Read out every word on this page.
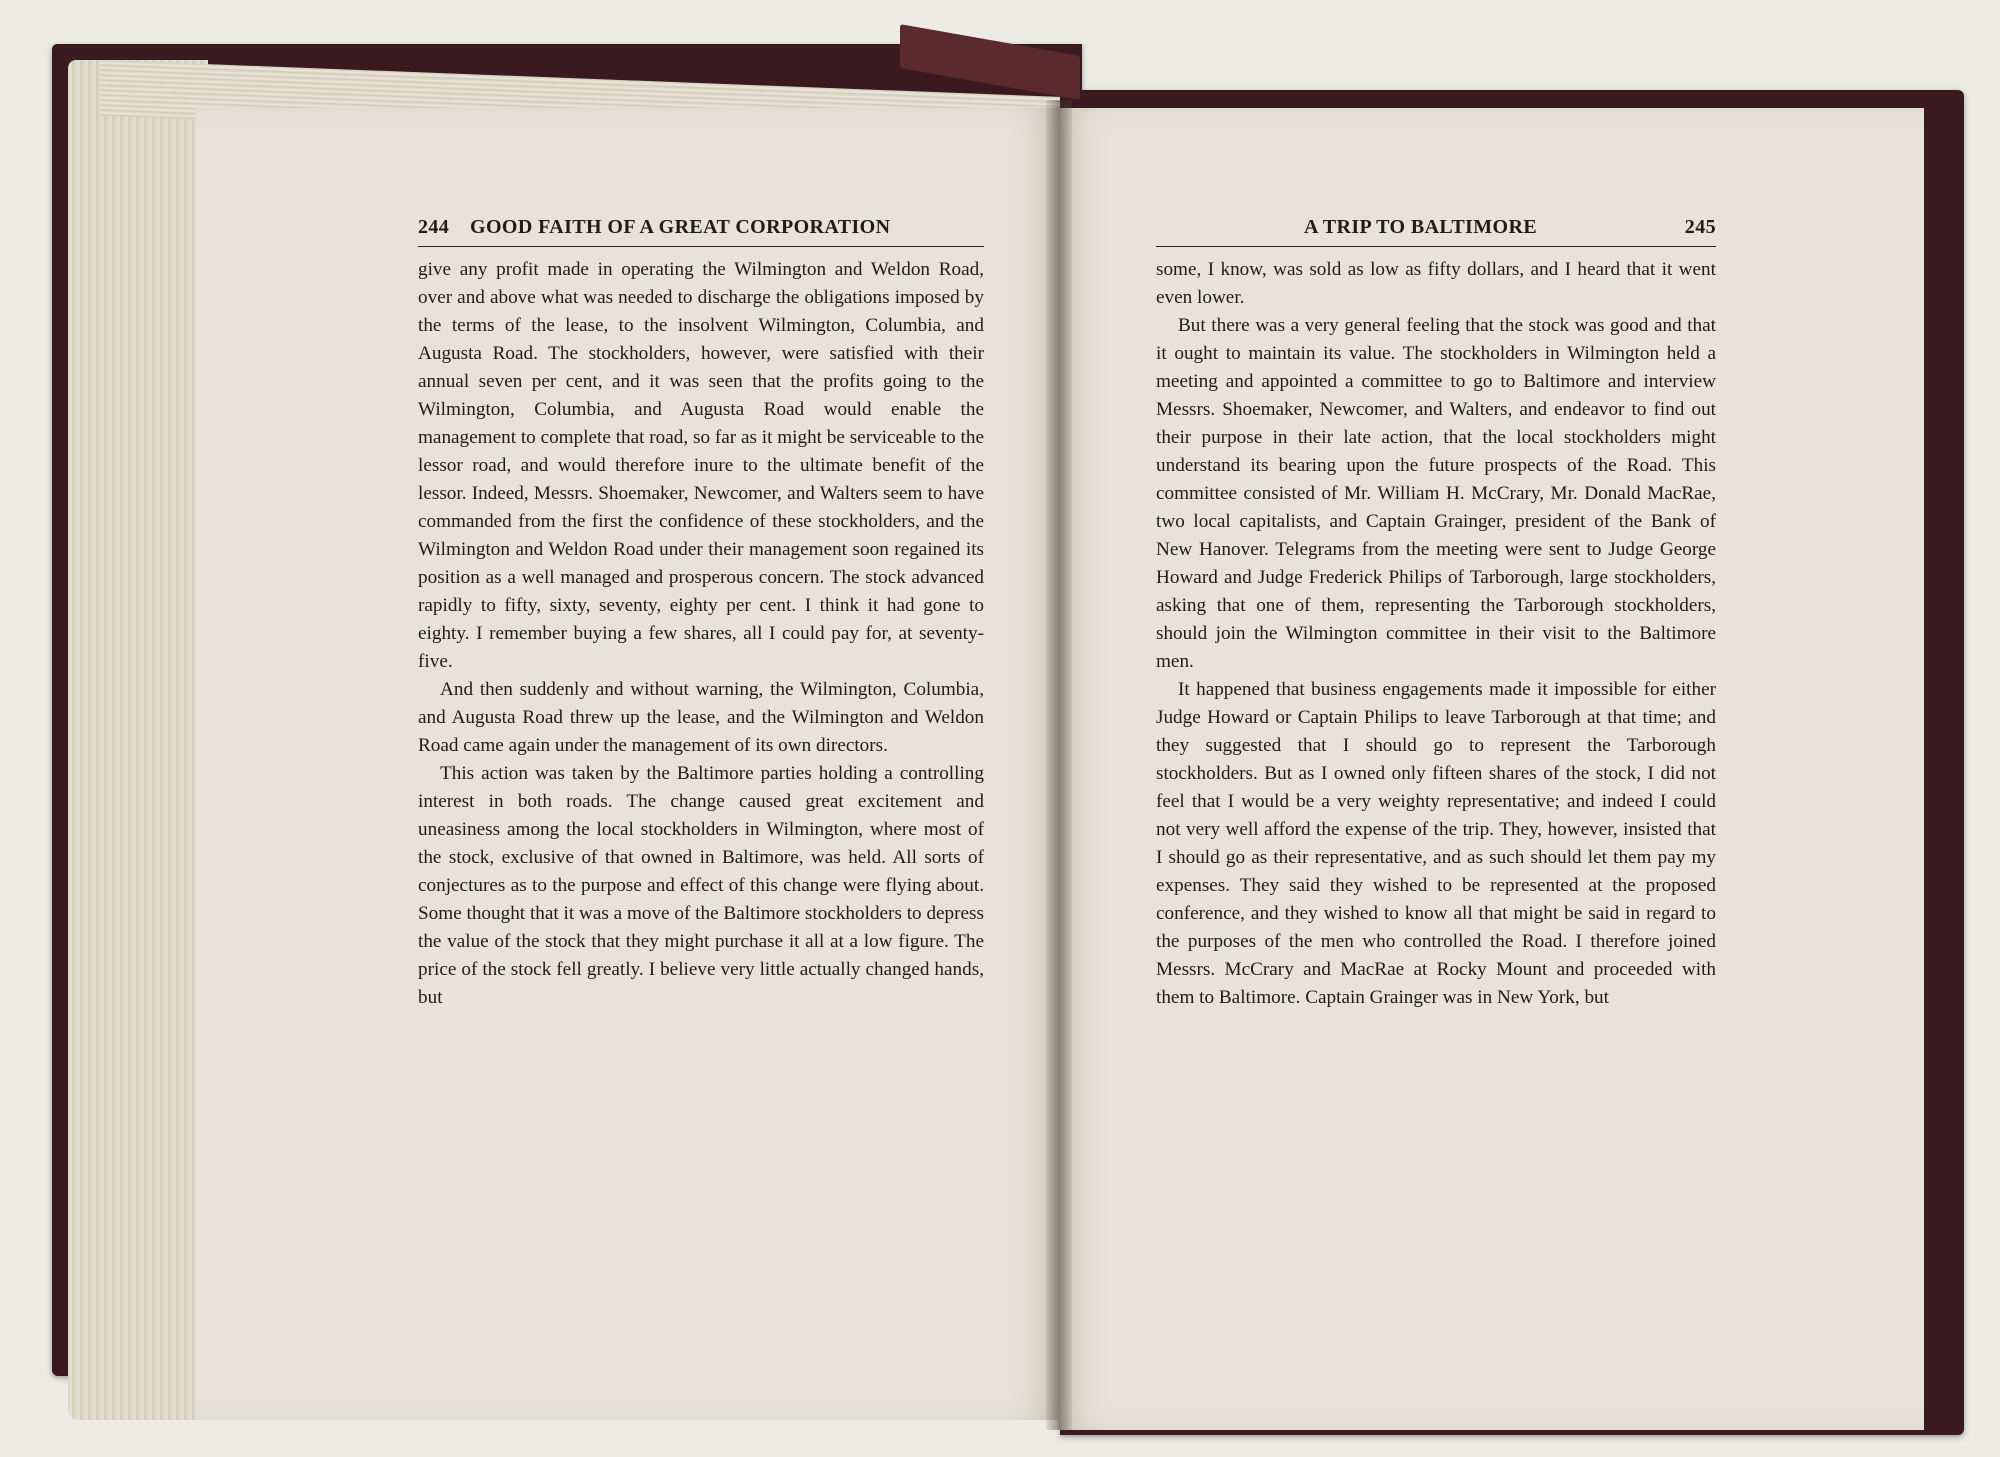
244 GOOD FAITH OF A GREAT CORPORATION

give any profit made in operating the Wilmington and Weldon Road, over and above what was needed to discharge the obligations imposed by the terms of the lease, to the insolvent Wilmington, Columbia, and Augusta Road. The stockholders, however, were satisfied with their annual seven per cent, and it was seen that the profits going to the Wilmington, Columbia, and Augusta Road would enable the management to complete that road, so far as it might be serviceable to the lessor road, and would therefore inure to the ultimate benefit of the lessor. Indeed, Messrs. Shoemaker, Newcomer, and Walters seem to have commanded from the first the confidence of these stockholders, and the Wilmington and Weldon Road under their management soon regained its position as a well managed and prosperous concern. The stock advanced rapidly to fifty, sixty, seventy, eighty per cent. I think it had gone to eighty. I remember buying a few shares, all I could pay for, at seventy-five.

And then suddenly and without warning, the Wilmington, Columbia, and Augusta Road threw up the lease, and the Wilmington and Weldon Road came again under the management of its own directors.

This action was taken by the Baltimore parties holding a controlling interest in both roads. The change caused great excitement and uneasiness among the local stockholders in Wilmington, where most of the stock, exclusive of that owned in Baltimore, was held. All sorts of conjectures as to the purpose and effect of this change were flying about. Some thought that it was a move of the Baltimore stockholders to depress the value of the stock that they might purchase it all at a low figure. The price of the stock fell greatly. I believe very little actually changed hands, but

A TRIP TO BALTIMORE	245

some, I know, was sold as low as fifty dollars, and I heard that it went even lower.

But there was a very general feeling that the stock was good and that it ought to maintain its value. The stockholders in Wilmington held a meeting and appointed a committee to go to Baltimore and interview Messrs. Shoemaker, Newcomer, and Walters, and endeavor to find out their purpose in their late action, that the local stockholders might understand its bearing upon the future prospects of the Road. This committee consisted of Mr. William H. McCrary, Mr. Donald MacRae, two local capitalists, and Captain Grainger, president of the Bank of New Hanover. Telegrams from the meeting were sent to Judge George Howard and Judge Frederick Philips of Tarborough, large stockholders, asking that one of them, representing the Tarborough stockholders, should join the Wilmington committee in their visit to the Baltimore men.

It happened that business engagements made it impossible for either Judge Howard or Captain Philips to leave Tarborough at that time; and they suggested that I should go to represent the Tarborough stockholders. But as I owned only fifteen shares of the stock, I did not feel that I would be a very weighty representative; and indeed I could not very well afford the expense of the trip. They, however, insisted that I should go as their representative, and as such should let them pay my expenses. They said they wished to be represented at the proposed conference, and they wished to know all that might be said in regard to the purposes of the men who controlled the Road. I therefore joined Messrs. McCrary and MacRae at Rocky Mount and proceeded with them to Baltimore. Captain Grainger was in New York, but
